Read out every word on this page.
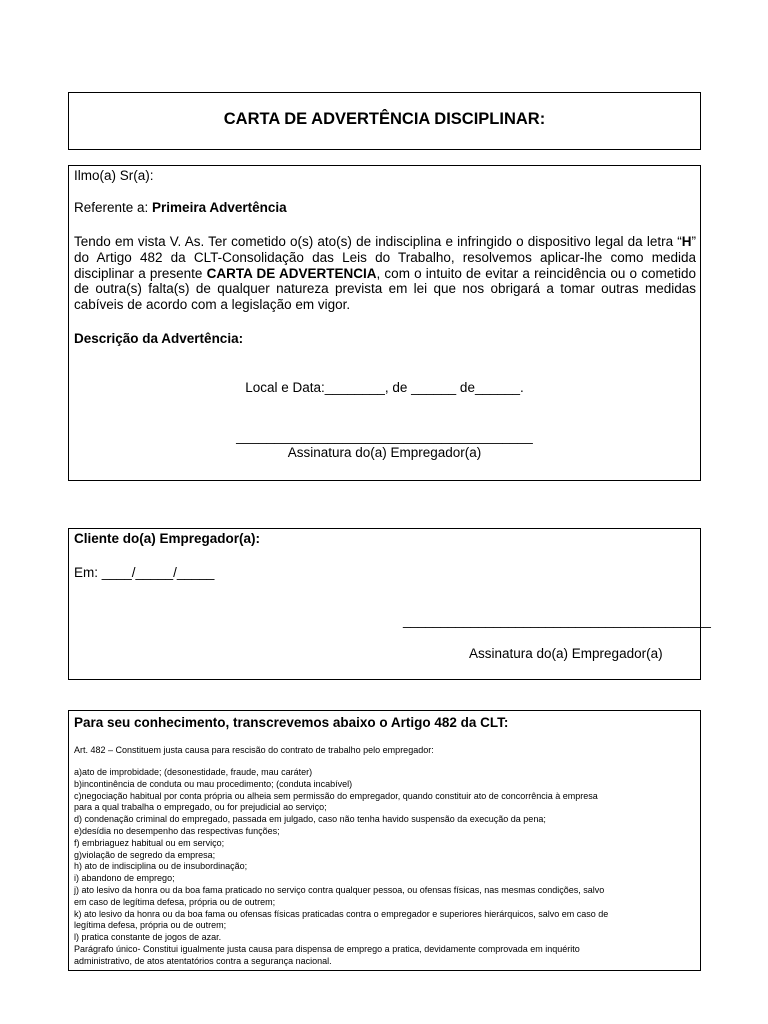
CARTA DE ADVERTÊNCIA DISCIPLINAR:
Ilmo(a) Sr(a):
Referente a: Primeira Advertência
Tendo em vista V. As. Ter cometido o(s) ato(s) de indisciplina e infringido o dispositivo legal da letra “H” do Artigo 482 da CLT-Consolidação das Leis do Trabalho, resolvemos aplicar-lhe como medida disciplinar a presente CARTA DE ADVERTENCIA, com o intuito de evitar a reincidência ou o cometido de outra(s) falta(s) de qualquer natureza prevista em lei que nos obrigará a tomar outras medidas cabíveis de acordo com a legislação em vigor.
Descrição da Advertência:
Local e Data:________, de ______ de______.
_______________________________________
Assinatura do(a) Empregador(a)
Cliente do(a) Empregador(a):
Em: ____/_____/_____
_________________________________________
Assinatura do(a) Empregador(a)
Para seu conhecimento, transcrevemos abaixo o Artigo 482 da CLT:
Art. 482 – Constituem justa causa para rescisão do contrato de trabalho pelo empregador:
a)ato de improbidade; (desonestidade, fraude, mau caráter)
b)incontinência de conduta ou mau procedimento; (conduta incabível)
c)negociação habitual por conta própria ou alheia sem permissão do empregador, quando constituir ato de concorrência à empresa
para a qual trabalha o empregado, ou for prejudicial ao serviço;
d) condenação criminal do empregado, passada em julgado, caso não tenha havido suspensão da execução da pena;
e)desídia no desempenho das respectivas funções;
f) embriaguez habitual ou em serviço;
g)violação de segredo da empresa;
h) ato de indisciplina ou de insubordinação;
i) abandono de emprego;
j) ato lesivo da honra ou da boa fama praticado no serviço contra qualquer pessoa, ou ofensas físicas, nas mesmas condições, salvo
em caso de legítima defesa, própria ou de outrem;
k) ato lesivo da honra ou da boa fama ou ofensas físicas praticadas contra o empregador e superiores hierárquicos, salvo em caso de
legítima defesa, própria ou de outrem;
l) pratica constante de jogos de azar.
Parágrafo único- Constitui igualmente justa causa para dispensa de emprego a pratica, devidamente comprovada em inquérito
administrativo, de atos atentatórios contra a segurança nacional.
